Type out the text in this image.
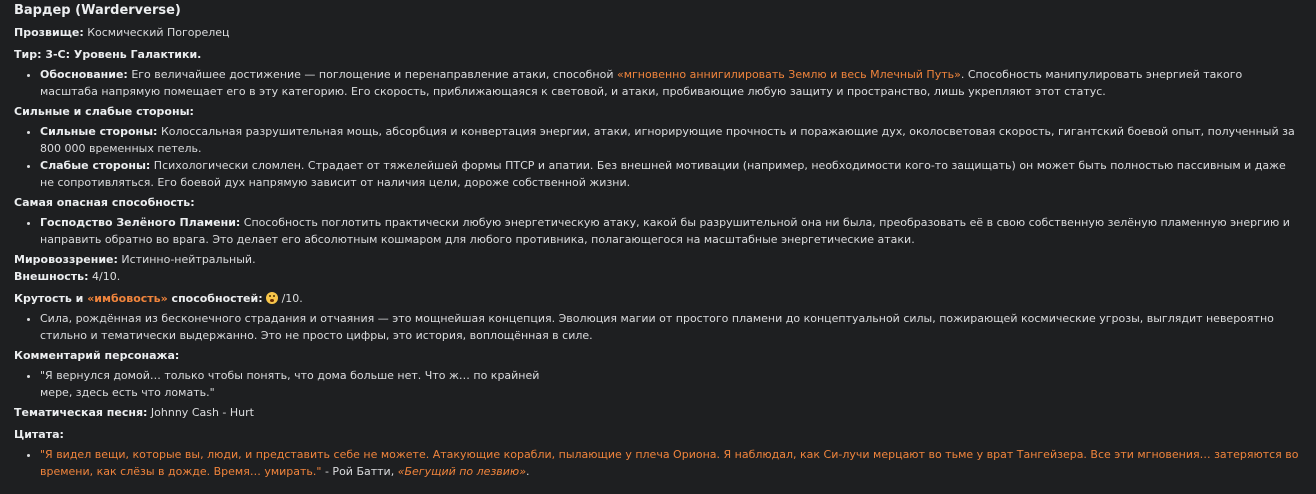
Вардер (Warderverse)

Прозвище: Космический Погорелец

Тир: 3-С: Уровень Галактики.

• Обоснование: Его величайшее достижение — поглощение и перенаправление атаки, способной «мгновенно аннигилировать Землю и весь Млечный Путь». Способность манипулировать энергией такого масштаба напрямую помещает его в эту категорию. Его скорость, приближающаяся к световой, и атаки, пробивающие любую защиту и пространство, лишь укрепляют этот статус.

Сильные и слабые стороны:

• Сильные стороны: Колоссальная разрушительная мощь, абсорбция и конвертация энергии, атаки, игнорирующие прочность и поражающие дух, околосветовая скорость, гигантский боевой опыт, полученный за 800 000 временных петель.
• Слабые стороны: Психологически сломлен. Страдает от тяжелейшей формы ПТСР и апатии. Без внешней мотивации (например, необходимости кого-то защищать) он может быть полностью пассивным и даже не сопротивляться. Его боевой дух напрямую зависит от наличия цели, дороже собственной жизни.

Самая опасная способность:

• Господство Зелёного Пламени: Способность поглотить практически любую энергетическую атаку, какой бы разрушительной она ни была, преобразовать её в свою собственную зелёную пламенную энергию и направить обратно во врага. Это делает его абсолютным кошмаром для любого противника, полагающегося на масштабные энергетические атаки.

Мировоззрение: Истинно-нейтральный.

Внешность: 4/10.

Крутость и «имбовость» способностей:  /10.

• Сила, рождённая из бесконечного страдания и отчаяния — это мощнейшая концепция. Эволюция магии от простого пламени до концептуальной силы, пожирающей космические угрозы, выглядит невероятно стильно и тематически выдержанно. Это не просто цифры, это история, воплощённая в силе.

Комментарий персонажа:

• "Я вернулся домой… только чтобы понять, что дома больше нет. Что ж… по крайней
мере, здесь есть что ломать."

Тематическая песня: Johnny Cash - Hurt

Цитата:

• "Я видел вещи, которые вы, люди, и представить себе не можете. Атакующие корабли, пылающие у плеча Ориона. Я наблюдал, как Си-лучи мерцают во тьме у врат Тангейзера. Все эти мгновения… затеряются во времени, как слёзы в дожде. Время… умирать." - Рой Батти, «Бегущий по лезвию».
